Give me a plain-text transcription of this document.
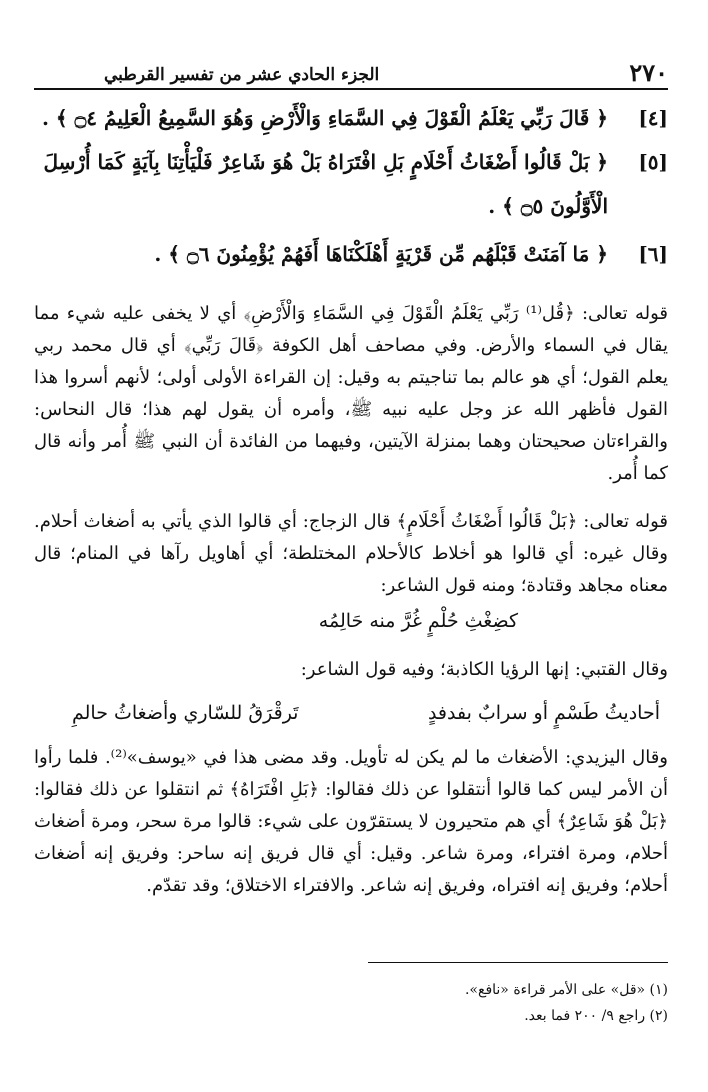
٢٧٠
الجزء الحادي عشر من تفسير القرطبي
[٤]
﴿ قَالَ رَبِّي يَعْلَمُ الْقَوْلَ فِي السَّمَاءِ وَالْأَرْضِ وَهُوَ السَّمِيعُ الْعَلِيمُ ۝٤ ﴾ .
[٥]
﴿ بَلْ قَالُوا أَضْغَاثُ أَحْلَامٍ بَلِ افْتَرَاهُ بَلْ هُوَ شَاعِرٌ فَلْيَأْتِنَا بِآيَةٍ كَمَا أُرْسِلَ الْأَوَّلُونَ ۝٥ ﴾ .
[٦]
﴿ مَا آمَنَتْ قَبْلَهُم مِّن قَرْيَةٍ أَهْلَكْنَاهَا أَفَهُمْ يُؤْمِنُونَ ۝٦ ﴾ .

قوله تعالى: ﴿قُل⁽¹⁾ رَبِّي يَعْلَمُ الْقَوْلَ فِي السَّمَاءِ وَالْأَرْضِ﴾ أي لا يخفى عليه شيء مما يقال في السماء والأرض. وفي مصاحف أهل الكوفة ﴿قَالَ رَبِّي﴾ أي قال محمد ربي يعلم القول؛ أي هو عالم بما تناجيتم به وقيل: إن القراءة الأولى أولى؛ لأنهم أسروا هذا القول فأظهر الله عز وجل عليه نبيه ﷺ، وأمره أن يقول لهم هذا؛ قال النحاس: والقراءتان صحيحتان وهما بمنزلة الآيتين، وفيهما من الفائدة أن النبي ﷺ أُمر وأنه قال كما أُمر.

قوله تعالى: ﴿بَلْ قَالُوا أَضْغَاثُ أَحْلَامٍ﴾ قال الزجاج: أي قالوا الذي يأتي به أضغاث أحلام. وقال غيره: أي قالوا هو أخلاط كالأحلام المختلطة؛ أي أهاويل رآها في المنام؛ قال معناه مجاهد وقتادة؛ ومنه قول الشاعر:

كضِغْثِ حُلْمٍ غُرَّ منه حَالِمُه

وقال القتبي: إنها الرؤيا الكاذبة؛ وفيه قول الشاعر:

أحاديثُ طَسْمٍ أو سرابٌ بفدفدٍ
تَرقْرَقُ للسّاري وأضغاثُ حالمِ

وقال اليزيدي: الأضغاث ما لم يكن له تأويل. وقد مضى هذا في «يوسف»⁽²⁾. فلما رأوا أن الأمر ليس كما قالوا أنتقلوا عن ذلك فقالوا: ﴿بَلِ افْتَرَاهُ﴾ ثم انتقلوا عن ذلك فقالوا: ﴿بَلْ هُوَ شَاعِرٌ﴾ أي هم متحيرون لا يستقرّون على شيء: قالوا مرة سحر، ومرة أضغاث أحلام، ومرة افتراء، ومرة شاعر. وقيل: أي قال فريق إنه ساحر: وفريق إنه أضغاث أحلام؛ وفريق إنه افتراه، وفريق إنه شاعر. والافتراء الاختلاق؛ وقد تقدّم.

(١) «قل» على الأمر قراءة «نافع».
(٢) راجع ٩/ ٢٠٠ فما بعد.
